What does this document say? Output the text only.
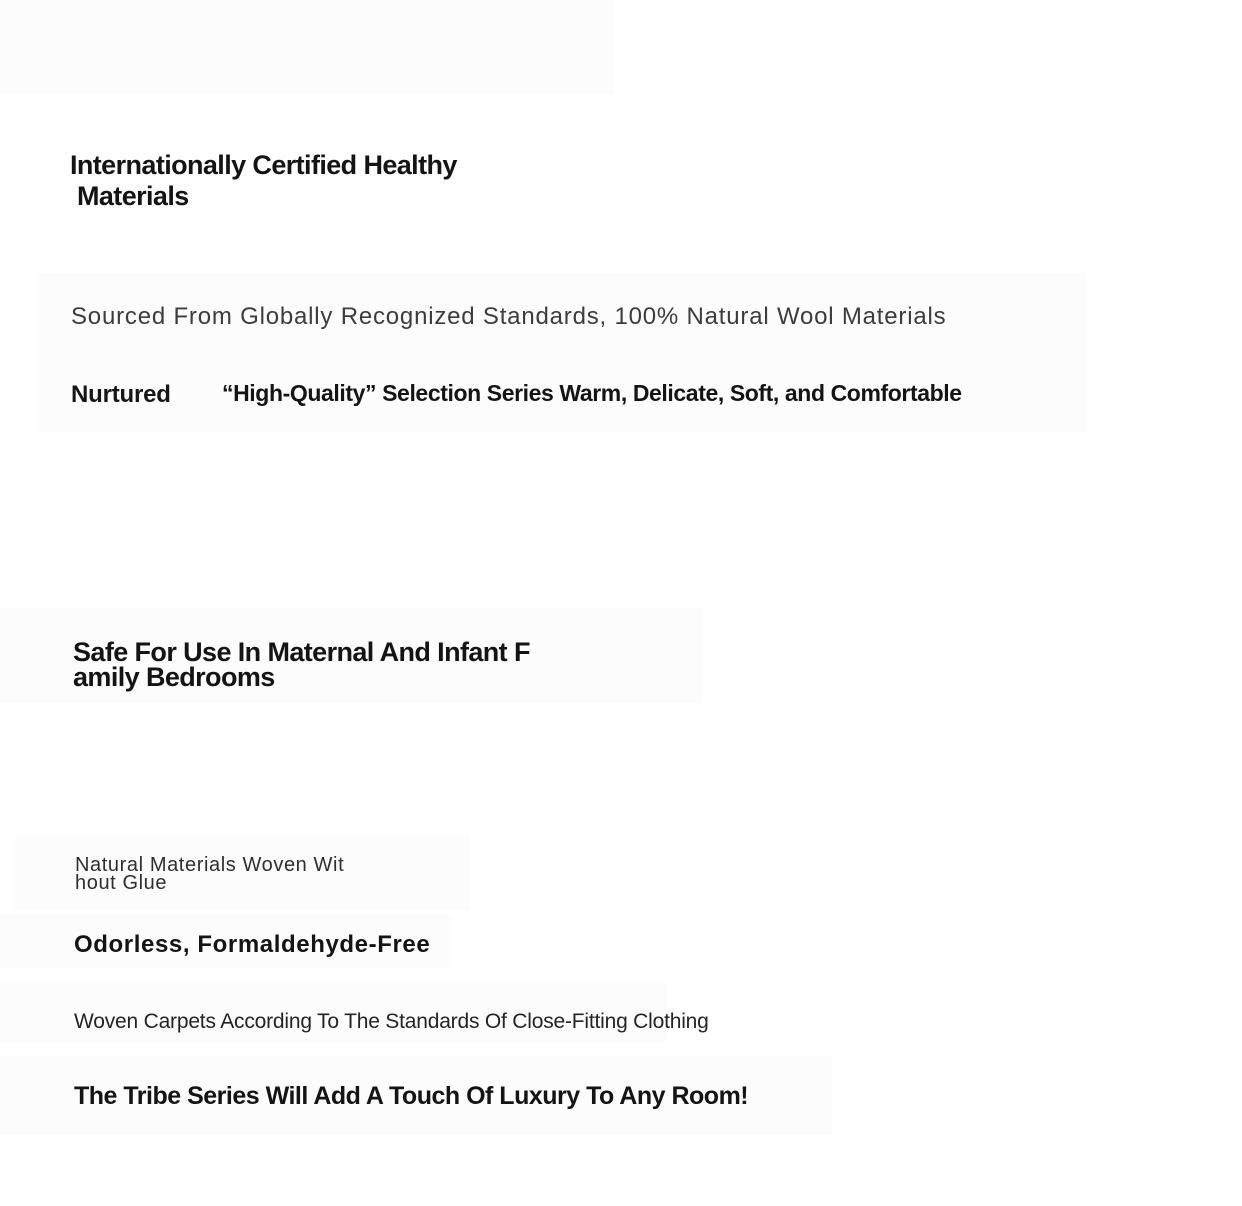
Internationally Certified Healthy
Materials
Sourced From Globally Recognized Standards, 100% Natural Wool Materials
Nurtured “High-Quality” Selection Series Warm, Delicate, Soft, and Comfortable
Safe For Use In Maternal And Infant F
amily Bedrooms
Natural Materials Woven Wit
hout Glue
Odorless, Formaldehyde-Free
Woven Carpets According To The Standards Of Close-Fitting Clothing
The Tribe Series Will Add A Touch Of Luxury To Any Room!
